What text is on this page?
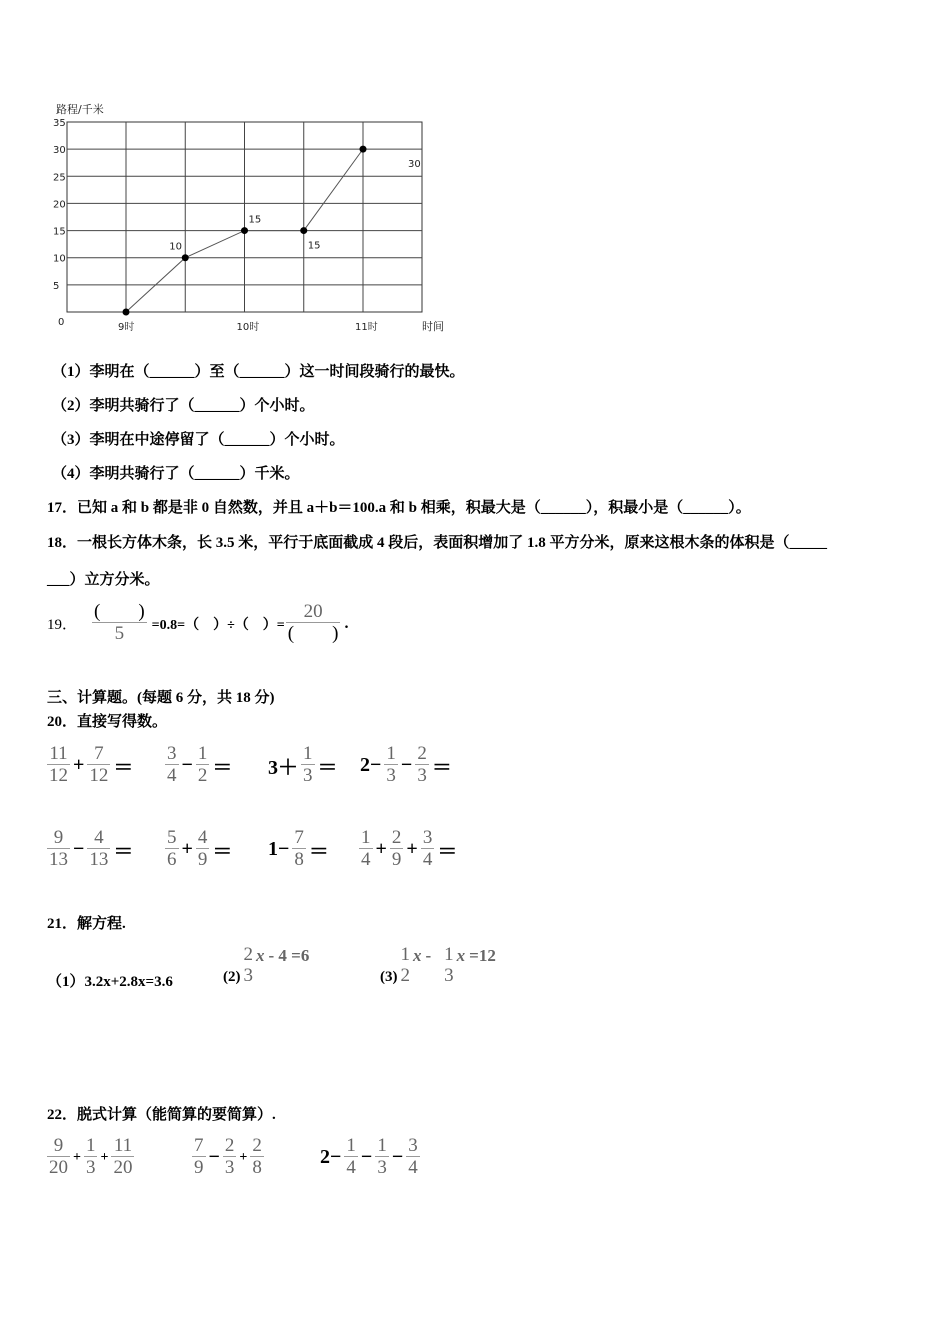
0
5
10
15
20
25
30
35
9时	10时	11时
路程/千米
时间
10
15
15
30
（1）李明在（______）至（______）这一时间段骑行的最快。
（2）李明共骑行了（______）个小时。
（3）李明在中途停留了（______）个小时。
（4）李明共骑行了（______）千米。
17．已知 a 和 b 都是非 0 自然数，并且 a＋b＝100.a 和 b 相乘，积最大是（______），积最小是（______）。
18．一根长方体木条，长 3.5 米，平行于底面截成 4 段后，表面积增加了 1.8 平方分米，原来这根木条的体积是（_____
___）立方分米。
19． $\frac{( )}{5} =0.8=$（　）÷（　）= $\frac{20}{( )}$ .
三、计算题。(每题 6 分，共 18 分)
20．直接写得数。
21．解方程.
（1）3.2x+2.8x=3.6	(2)
2
3
x - 4 =6
(3)
1
2
x - 1
3
x =12
22．脱式计算（能简算的要简算）.
$\frac{11}{12} + \frac{7}{12} = \frac{3}{4} - \frac{1}{2} = 3+ \frac{1}{3} = 2- \frac{1}{3} - \frac{2}{3}$ ＝
$\frac{9}{13} - \frac{4}{13} = \frac{5}{6} + \frac{4}{9} = 1- \frac{7}{8} = \frac{1}{4} + \frac{2}{9} + \frac{3}{4}$ ＝
$\frac{9}{20} + \frac{1}{3} + \frac{11}{20}$	$\frac{7}{9} - \frac{2}{3} + \frac{2}{8}$	$2- \frac{1}{4} - \frac{1}{3} - \frac{3}{4}$
